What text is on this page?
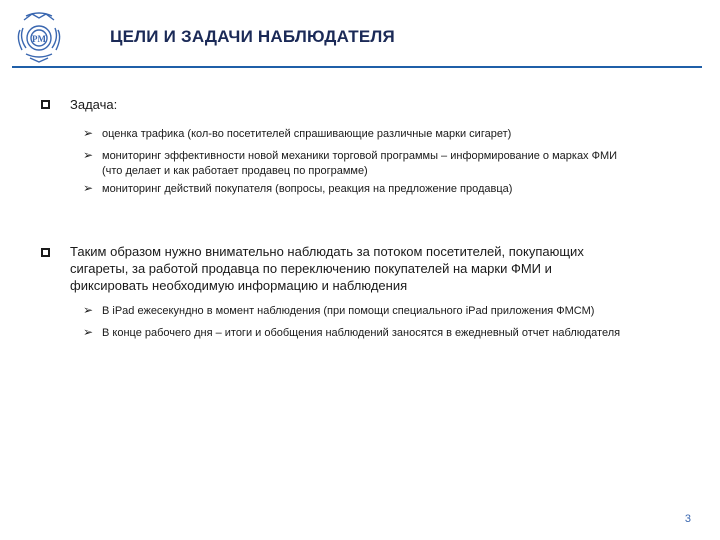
PM	ЦЕЛИ И ЗАДАЧИ НАБЛЮДАТЕЛЯ
Задача:
➢ оценка трафика (кол-во посетителей спрашивающие различные марки сигарет)
➢ мониторинг эффективности новой механики торговой программы – информирование о марках ФМИ
(что делает и как работает продавец по программе)
➢ мониторинг действий покупателя (вопросы, реакция на предложение продавца)
Таким образом нужно внимательно наблюдать за потоком посетителей, покупающих
сигареты, за работой продавца по переключению покупателей на марки ФМИ и
фиксировать необходимую информацию и наблюдения
➢ В iPad ежесекундно в момент наблюдения (при помощи специального iPad приложения ФМСМ)
➢ В конце рабочего дня – итоги и обобщения наблюдений заносятся в ежедневный отчет наблюдателя
3
